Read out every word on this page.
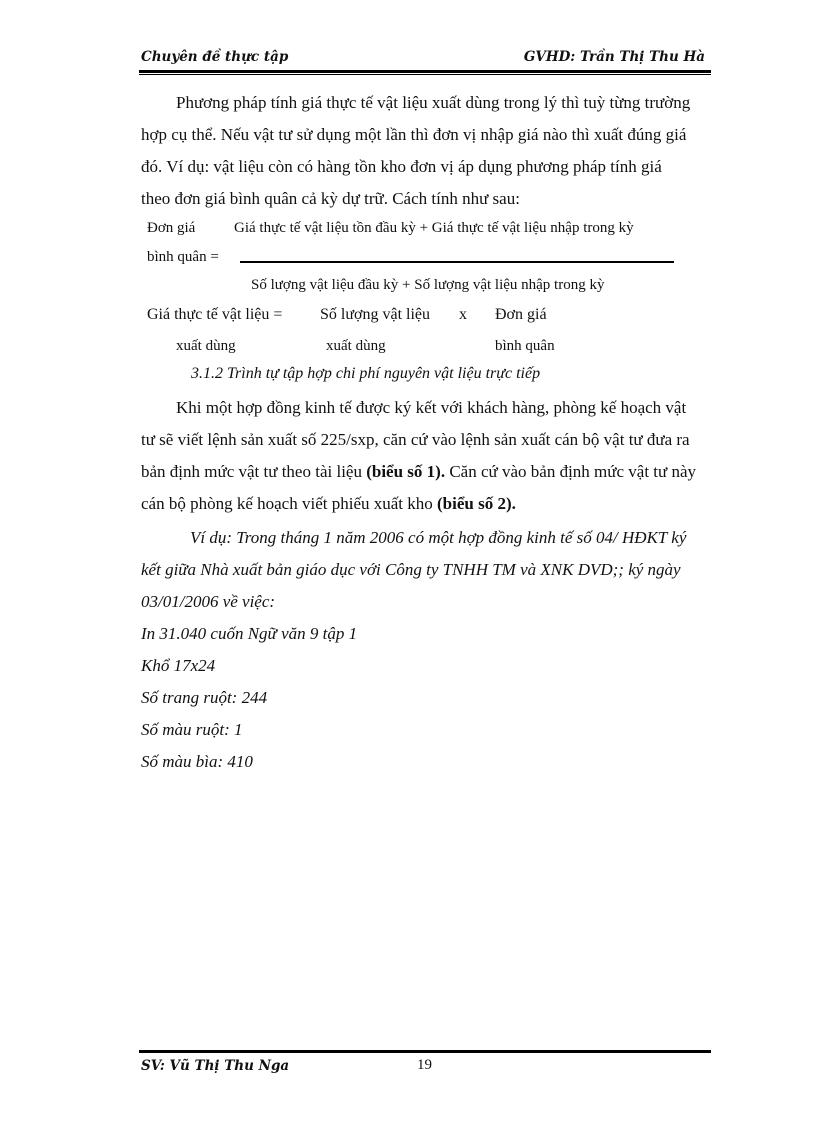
Chuyên đề thực tập	GVHD: Trần Thị Thu Hà
Phương pháp tính giá thực tế vật liệu xuất dùng trong lý thì tuỳ từng trường
hợp cụ thể. Nếu vật tư sử dụng một lần thì đơn vị nhập giá nào thì xuất đúng giá
đó. Ví dụ: vật liệu còn có hàng tồn kho đơn vị áp dụng phương pháp tính giá
theo đơn giá bình quân cả kỳ dự trữ. Cách tính như sau:
Đơn giá	Giá thực tế vật liệu tồn đầu kỳ + Giá thực tế vật liệu nhập trong kỳ
bình quân =
Số lượng vật liệu đầu kỳ + Số lượng vật liệu nhập trong kỳ
Giá thực tế vật liệu = Số lượng vật liệu x Đơn giá
xuất dùng	xuất dùng	bình quân
3.1.2 Trình tự tập hợp chi phí nguyên vật liệu trực tiếp
Khi một hợp đồng kinh tế được ký kết với khách hàng, phòng kế hoạch vật
tư sẽ viết lệnh sản xuất số 225/sxp, căn cứ vào lệnh sản xuất cán bộ vật tư đưa ra
bản định mức vật tư theo tài liệu (biểu số 1). Căn cứ vào bản định mức vật tư này
cán bộ phòng kế hoạch viết phiếu xuất kho (biểu số 2).
Ví dụ: Trong tháng 1 năm 2006 có một hợp đồng kinh tế số 04/ HĐKT ký
kết giữa Nhà xuất bản giáo dục với Công ty TNHH TM và XNK DVD;; ký ngày
03/01/2006 về việc:
In 31.040 cuốn Ngữ văn 9 tập 1
Khổ 17x24
Số trang ruột: 244
Số màu ruột: 1
Số màu bìa: 410
SV: Vũ Thị Thu Nga	19
